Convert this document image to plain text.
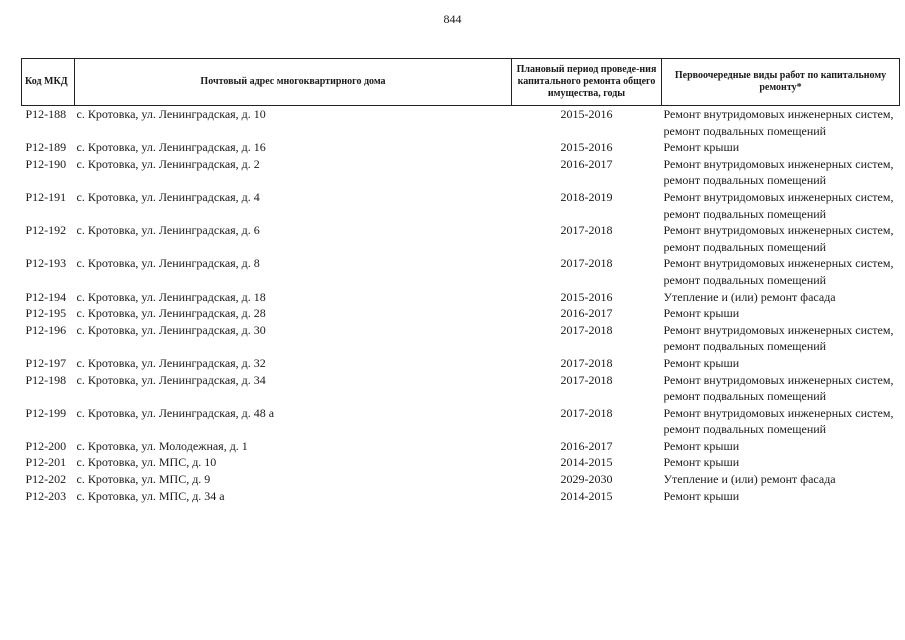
844
Код МКД	Почтовый адрес многоквартирного дома	Плановый период проведе-ния капитального ремонта общего имущества, годы	Первоочередные виды работ по капитальному ремонту*
Р12-188	с. Кротовка, ул. Ленинградская, д. 10	2015-2016	Ремонт внутридомовых инженерных систем,
ремонт подвальных помещений

Р12-189	с. Кротовка, ул. Ленинградская, д. 16	2015-2016	Ремонт крыши

Р12-190	с. Кротовка, ул. Ленинградская, д. 2	2016-2017	Ремонт внутридомовых инженерных систем,
ремонт подвальных помещений

Р12-191	с. Кротовка, ул. Ленинградская, д. 4	2018-2019	Ремонт внутридомовых инженерных систем,
ремонт подвальных помещений

Р12-192	с. Кротовка, ул. Ленинградская, д. 6	2017-2018	Ремонт внутридомовых инженерных систем,
ремонт подвальных помещений

Р12-193	с. Кротовка, ул. Ленинградская, д. 8	2017-2018	Ремонт внутридомовых инженерных систем,
ремонт подвальных помещений

Р12-194	с. Кротовка, ул. Ленинградская, д. 18	2015-2016	Утепление и (или) ремонт фасада

Р12-195	с. Кротовка, ул. Ленинградская, д. 28	2016-2017	Ремонт крыши

Р12-196	с. Кротовка, ул. Ленинградская, д. 30	2017-2018	Ремонт внутридомовых инженерных систем,
ремонт подвальных помещений

Р12-197	с. Кротовка, ул. Ленинградская, д. 32	2017-2018	Ремонт крыши

Р12-198	с. Кротовка, ул. Ленинградская, д. 34	2017-2018	Ремонт внутридомовых инженерных систем,
ремонт подвальных помещений

Р12-199	с. Кротовка, ул. Ленинградская, д. 48 а	2017-2018	Ремонт внутридомовых инженерных систем,
ремонт подвальных помещений

Р12-200	с. Кротовка, ул. Молодежная, д. 1	2016-2017	Ремонт крыши

Р12-201	с. Кротовка, ул. МПС, д. 10	2014-2015	Ремонт крыши

Р12-202	с. Кротовка, ул. МПС, д. 9	2029-2030	Утепление и (или) ремонт фасада

Р12-203	с. Кротовка, ул. МПС, д. 34 а	2014-2015	Ремонт крыши
